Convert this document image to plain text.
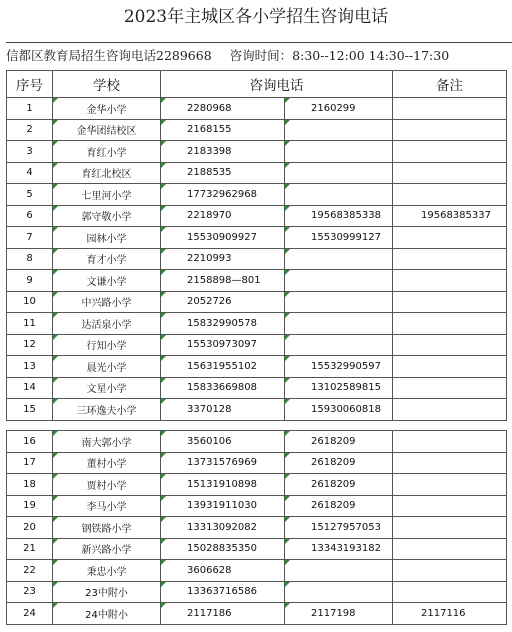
2023年主城区各小学招生咨询电话
信都区教育局招生咨询电话2289668 咨询时间：8:30--12:00 14:30--17:30
序号	学校	咨询电话		备注
1	金华小学	2280968	2160299	
2	金华团结校区	2168155		
3	育红小学	2183398		
4	育红北校区	2188535		
5	七里河小学	17732962968		
6	郭守敬小学	2218970	19568385338	19568385337
7	园林小学	15530909927	15530999127	
8	育才小学	2210993		
9	文谦小学	2158898—801		
10	中兴路小学	2052726		
11	达活泉小学	15832990578		
12	行知小学	15530973097		
13	晨光小学	15631955102	15532990597	
14	文星小学	15833669808	13102589815	
15	三环逸夫小学	3370128	15930060818	
16	南大郭小学	3560106	2618209	
17	董村小学	13731576969	2618209	
18	贾村小学	15131910898	2618209	
19	李马小学	13931911030	2618209	
20	钢铁路小学	13313092082	15127957053	
21	新兴路小学	15028835350	13343193182	
22	秉忠小学	3606628		
23	23中附小	13363716586		
24	24中附小	2117186	2117198	2117116
